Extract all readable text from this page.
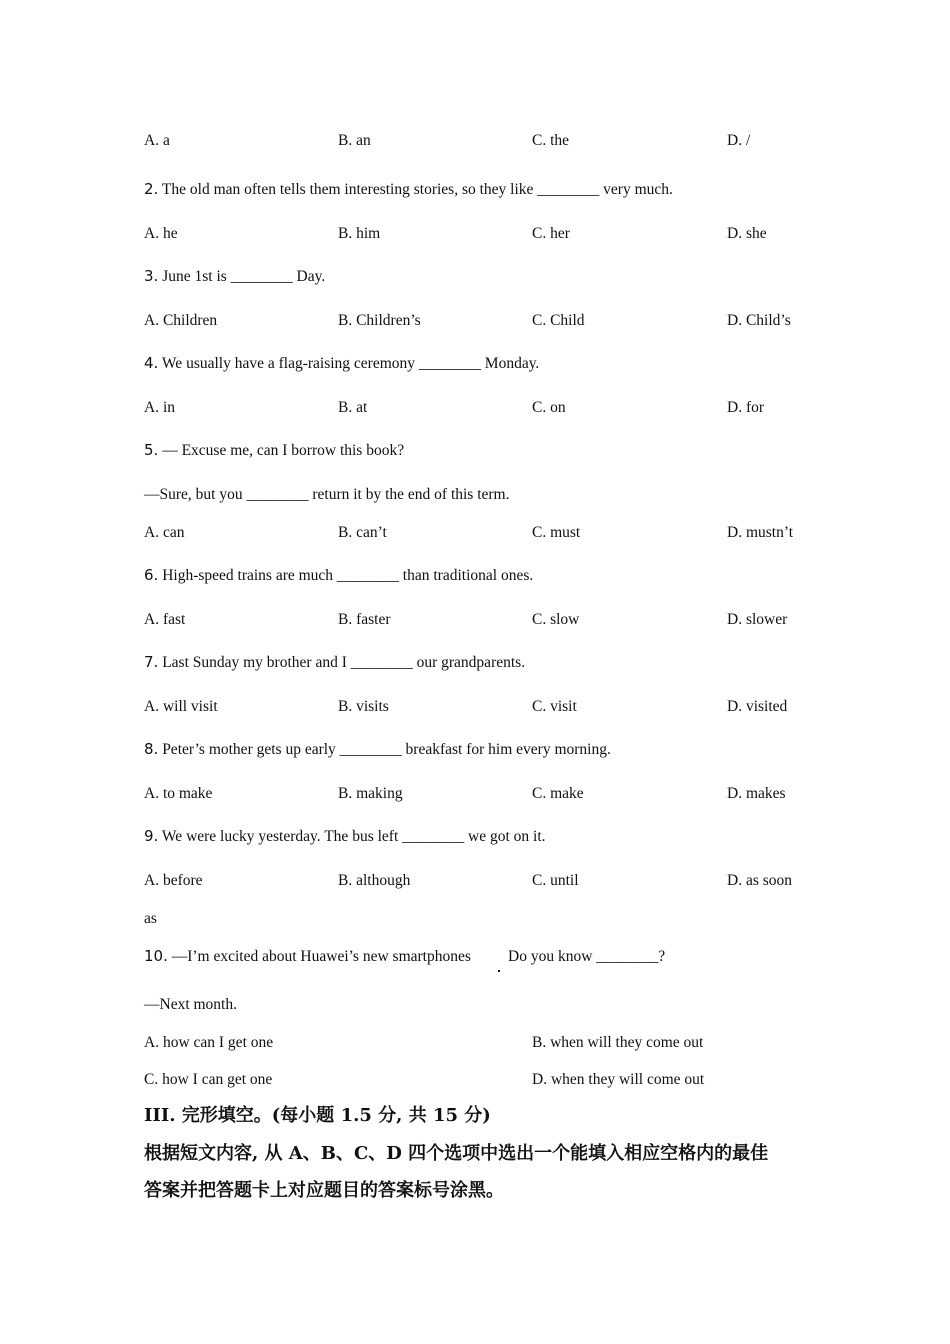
A. a	B. an	C. the	D. /
2. The old man often tells them interesting stories, so they like ________ very much.
A. he	B. him	C. her	D. she
3. June 1st is ________ Day.
A. Children	B. Children’s	C. Child	D. Child’s
4. We usually have a flag-raising ceremony ________ Monday.
A. in	B. at	C. on	D. for
5. — Excuse me, can I borrow this book?
—Sure, but you ________ return it by the end of this term.
A. can	B. can’t	C. must	D. mustn’t
6. High-speed trains are much ________ than traditional ones.
A. fast	B. faster	C. slow	D. slower
7. Last Sunday my brother and I ________ our grandparents.
A. will visit	B. visits	C. visit	D. visited
8. Peter’s mother gets up early ________ breakfast for him every morning.
A. to make	B. making	C. make	D. makes
9. We were lucky yesterday. The bus left ________ we got on it.
A. before	B. although	C. until	D. as soon
as
10. —I’m excited about Huawei’s new smartphones Do you know ________?
—Next month.
A. how can I get one	B. when will they come out
C. how I can get one	D. when they will come out
III. 完形填空。(每小题 1.5 分, 共 15 分)
根据短文内容, 从 A、B、C、D 四个选项中选出一个能填入相应空格内的最佳
答案并把答题卡上对应题目的答案标号涂黑。
